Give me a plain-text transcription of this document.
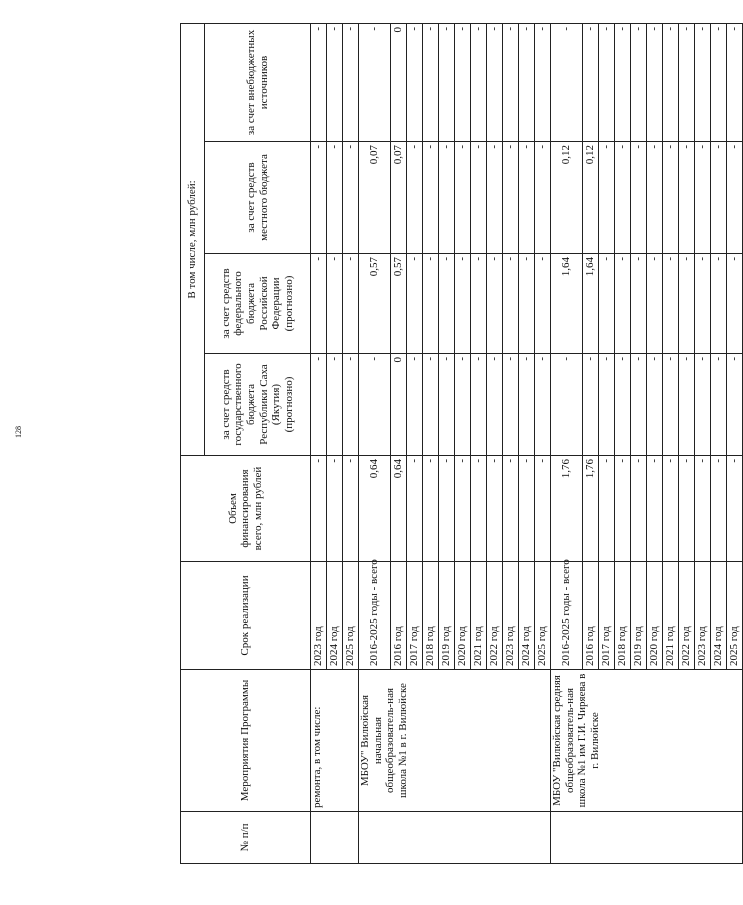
128
№ п/п	Мероприятия Программы	Срок реализации	Объем финансирования всего, млн рублей	В том числе, млн рублей:			
				за счет средств государственного бюджета Республики Саха (Якутия) (прогнозно)	за счет средств федерального бюджета Российской Федерации (прогнозно)	за счет средств местного бюджета	за счет внебюджетных источников
	ремонта, в том числе:	2023 год	-	-	-	-	-
		2024 год	-	-	-	-	-
		2025 год	-	-	-	-	-
	МБОУ" Вилюйская начальная общеобразователь-ная школа №1 в г. Вилюйске	2016-2025 годы - всего	0,64	-	0,57	0,07	-
		2016 год	0,64	0	0,57	0,07	0
		2017 год	-	-	-	-	-
		2018 год	-	-	-	-	-
		2019 год	-	-	-	-	-
		2020 год	-	-	-	-	-
		2021 год	-	-	-	-	-
		2022 год	-	-	-	-	-
		2023 год	-	-	-	-	-
		2024 год	-	-	-	-	-
		2025 год	-	-	-	-	-
	МБОУ "Вилюйская средняя общеобразователь-ная школа №1 им Г.И. Чиряева в г. Вилюйске	2016-2025 годы - всего	1,76	-	1,64	0,12	-
		2016 год	1,76	-	1,64	0,12	-
		2017 год	-	-	-	-	-
		2018 год	-	-	-	-	-
		2019 год	-	-	-	-	-
		2020 год	-	-	-	-	-
		2021 год	-	-	-	-	-
		2022 год	-	-	-	-	-
		2023 год	-	-	-	-	-
		2024 год	-	-	-	-	-
		2025 год	-	-	-	-	-
